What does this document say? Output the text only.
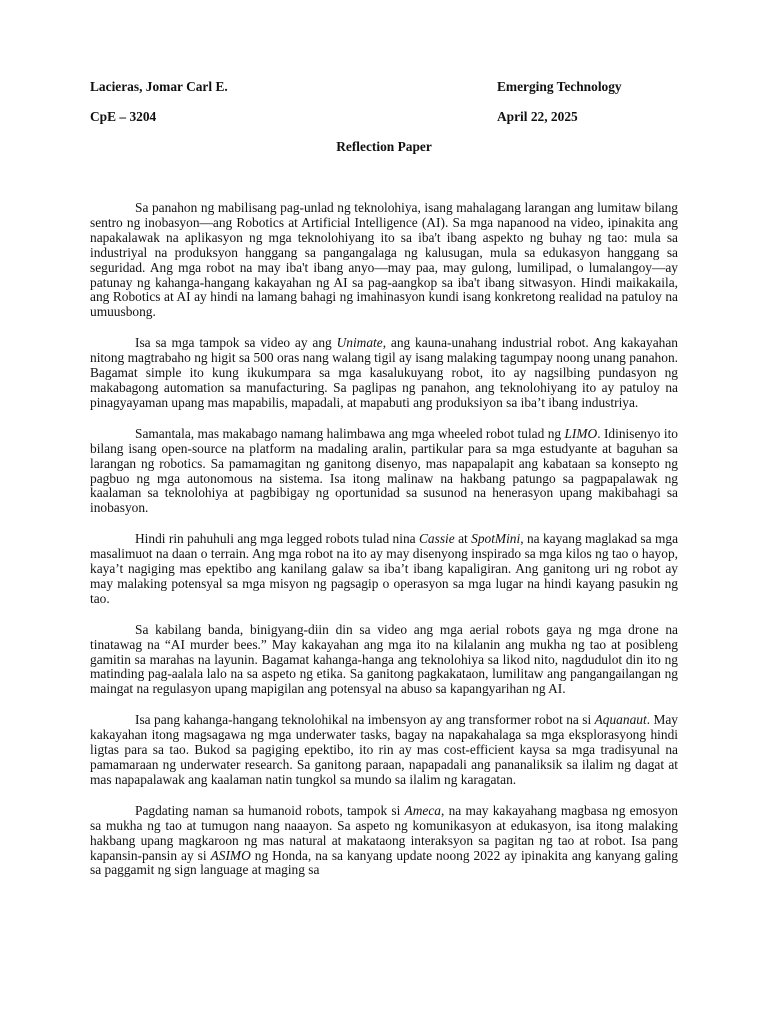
Lacieras, Jomar Carl E.	Emerging Technology
CpE – 3204	April 22, 2025
Reflection Paper

Sa panahon ng mabilisang pag-unlad ng teknolohiya, isang mahalagang larangan ang lumitaw bilang sentro ng inobasyon—ang Robotics at Artificial Intelligence (AI). Sa mga napanood na video, ipinakita ang napakalawak na aplikasyon ng mga teknolohiyang ito sa iba't ibang aspekto ng buhay ng tao: mula sa industriyal na produksyon hanggang sa pangangalaga ng kalusugan, mula sa edukasyon hanggang sa seguridad. Ang mga robot na may iba't ibang anyo—may paa, may gulong, lumilipad, o lumalangoy—ay patunay ng kahanga-hangang kakayahan ng AI sa pag-aangkop sa iba't ibang sitwasyon. Hindi maikakaila, ang Robotics at AI ay hindi na lamang bahagi ng imahinasyon kundi isang konkretong realidad na patuloy na umuusbong.

Isa sa mga tampok sa video ay ang Unimate, ang kauna-unahang industrial robot. Ang kakayahan nitong magtrabaho ng higit sa 500 oras nang walang tigil ay isang malaking tagumpay noong unang panahon. Bagamat simple ito kung ikukumpara sa mga kasalukuyang robot, ito ay nagsilbing pundasyon ng makabagong automation sa manufacturing. Sa paglipas ng panahon, ang teknolohiyang ito ay patuloy na pinagyayaman upang mas mapabilis, mapadali, at mapabuti ang produksiyon sa iba’t ibang industriya.

Samantala, mas makabago namang halimbawa ang mga wheeled robot tulad ng LIMO. Idinisenyo ito bilang isang open-source na platform na madaling aralin, partikular para sa mga estudyante at baguhan sa larangan ng robotics. Sa pamamagitan ng ganitong disenyo, mas napapalapit ang kabataan sa konsepto ng pagbuo ng mga autonomous na sistema. Isa itong malinaw na hakbang patungo sa pagpapalawak ng kaalaman sa teknolohiya at pagbibigay ng oportunidad sa susunod na henerasyon upang makibahagi sa inobasyon.

Hindi rin pahuhuli ang mga legged robots tulad nina Cassie at SpotMini, na kayang maglakad sa mga masalimuot na daan o terrain. Ang mga robot na ito ay may disenyong inspirado sa mga kilos ng tao o hayop, kaya’t nagiging mas epektibo ang kanilang galaw sa iba’t ibang kapaligiran. Ang ganitong uri ng robot ay may malaking potensyal sa mga misyon ng pagsagip o operasyon sa mga lugar na hindi kayang pasukin ng tao.

Sa kabilang banda, binigyang-diin din sa video ang mga aerial robots gaya ng mga drone na tinatawag na “AI murder bees.” May kakayahan ang mga ito na kilalanin ang mukha ng tao at posibleng gamitin sa marahas na layunin. Bagamat kahanga-hanga ang teknolohiya sa likod nito, nagdudulot din ito ng matinding pag-aalala lalo na sa aspeto ng etika. Sa ganitong pagkakataon, lumilitaw ang pangangailangan ng maingat na regulasyon upang mapigilan ang potensyal na abuso sa kapangyarihan ng AI.

Isa pang kahanga-hangang teknolohikal na imbensyon ay ang transformer robot na si Aquanaut. May kakayahan itong magsagawa ng mga underwater tasks, bagay na napakahalaga sa mga eksplorasyong hindi ligtas para sa tao. Bukod sa pagiging epektibo, ito rin ay mas cost-efficient kaysa sa mga tradisyunal na pamamaraan ng underwater research. Sa ganitong paraan, napapadali ang pananaliksik sa ilalim ng dagat at mas napapalawak ang kaalaman natin tungkol sa mundo sa ilalim ng karagatan.

Pagdating naman sa humanoid robots, tampok si Ameca, na may kakayahang magbasa ng emosyon sa mukha ng tao at tumugon nang naaayon. Sa aspeto ng komunikasyon at edukasyon, isa itong malaking hakbang upang magkaroon ng mas natural at makataong interaksyon sa pagitan ng tao at robot. Isa pang kapansin-pansin ay si ASIMO ng Honda, na sa kanyang update noong 2022 ay ipinakita ang kanyang galing sa paggamit ng sign language at maging sa
